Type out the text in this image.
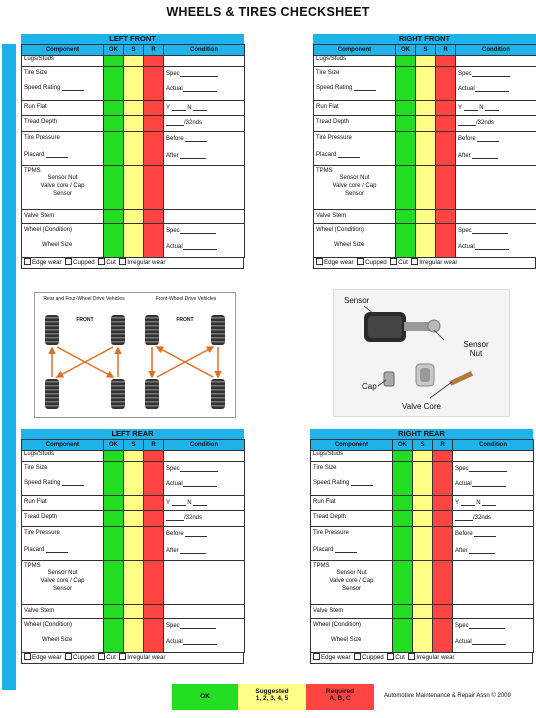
WHEELS & TIRES CHECKSHEET
LEFT FRONT
Component	OK	S	R	Condition
Lugs/Studs				

Tire Size
Speed Rating				Spec
Actual

Run Flat				Y N

Tread Depth				/32nds

Tire Pressure
Placard				Before
After

TPMS
Sensor Nut
Valve core / Cap
Sensor				

Valve Stem				

Wheel (Condition)
Wheel Size				Spec
Actual
Edge wear Cupped Cut Irregular wear
RIGHT FRONT
Component	OK	S	R	Condition
Lugs/Studs				

Tire Size
Speed Rating				Spec
Actual

Run Flat				Y N

Tread Depth				/32nds

Tire Pressure
Placard				Before
After

TPMS
Sensor Nut
Valve core / Cap
Sensor				

Valve Stem				

Wheel (Condition)
Wheel Size				Spec
Actual
Edge wear Cupped Cut Irregular wear
LEFT REAR
Component	OK	S	R	Condition
Lugs/Studs				

Tire Size
Speed Rating				Spec
Actual

Run Flat				Y N

Tread Depth				/32nds

Tire Pressure
Placard				Before
After

TPMS
Sensor Nut
Valve core / Cap
Sensor				

Valve Stem				

Wheel (Condition)
Wheel Size				Spec
Actual
Edge wear Cupped Cut Irregular wear
RIGHT REAR
Component	OK	S	R	Condition
Lugs/Studs				

Tire Size
Speed Rating				Spec
Actual

Run Flat				Y N

Tread Depth				/32nds

Tire Pressure
Placard				Before
After

TPMS
Sensor Nut
Valve core / Cap
Sensor				

Valve Stem				

Wheel (Condition)
Wheel Size				Spec
Actual
Edge wear Cupped Cut Irregular wear
Rear and Four-Wheel Drive Vehicles	Front-Wheel Drive Vehicles
FRONT	FRONT
Sensor
Sensor Nut
Cap
Valve Core
OK
Suggested
1, 2, 3, 4, 5
Required
A, B, C	Automotive Maintenance & Repair Assn © 2009
